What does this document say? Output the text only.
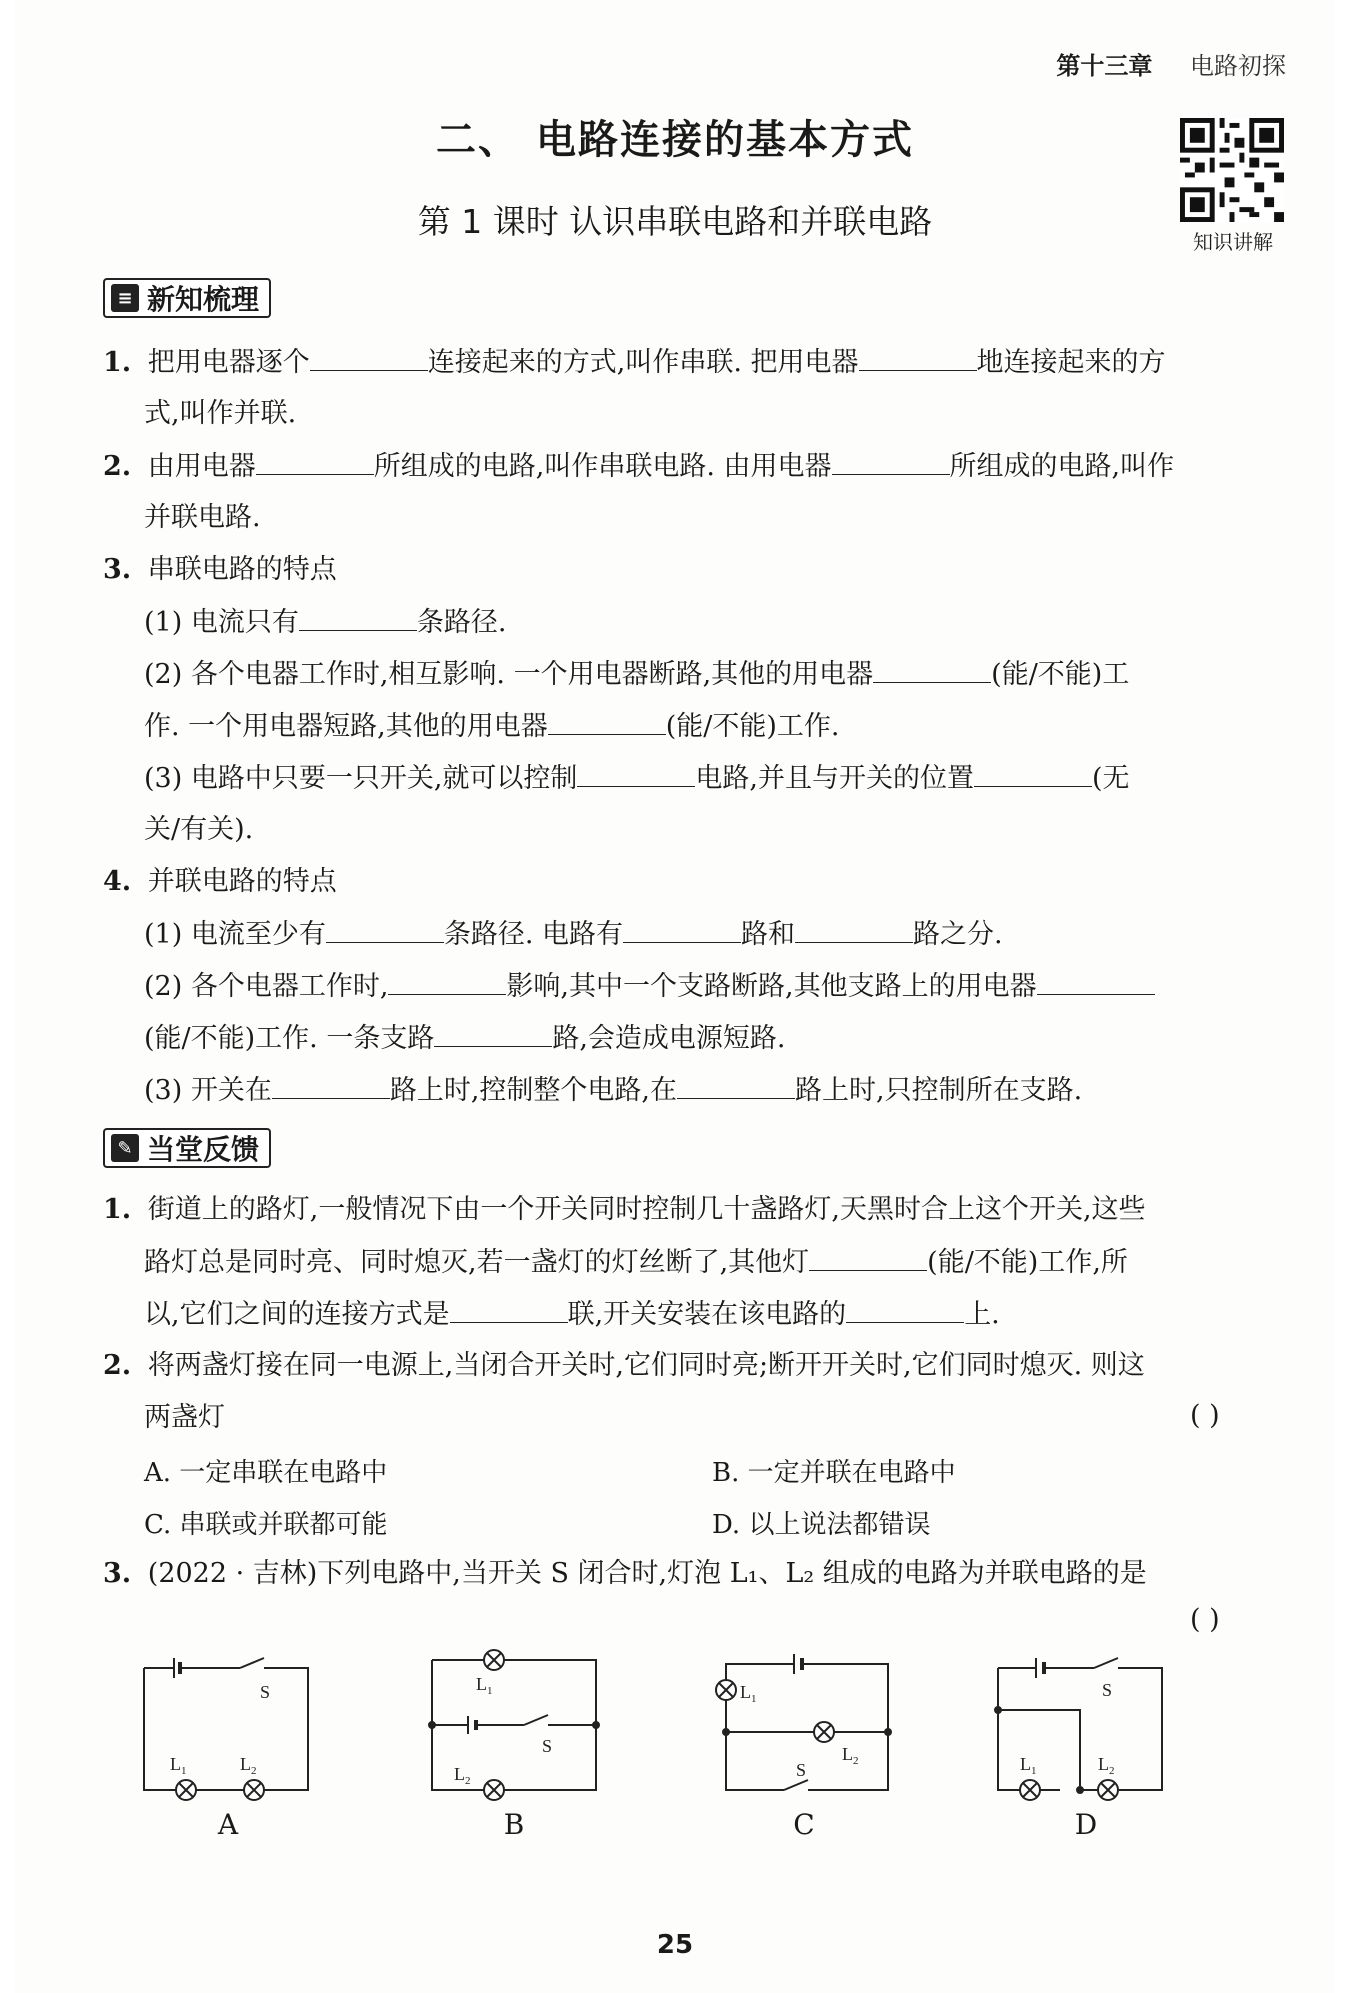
第十三章 电路初探
二、 电路连接的基本方式
第 1 课时 认识串联电路和并联电路
知识讲解
≡ 新知梳理
1. 把用电器逐个	连接起来的方式,叫作串联. 把用电器	地连接起来的方
式,叫作并联.
2. 由用电器	所组成的电路,叫作串联电路. 由用电器	所组成的电路,叫作
并联电路.
3. 串联电路的特点
(1) 电流只有	条路径.
(2) 各个电器工作时,相互影响. 一个用电器断路,其他的用电器	(能/不能)工
作. 一个用电器短路,其他的用电器	(能/不能)工作.
(3) 电路中只要一只开关,就可以控制	电路,并且与开关的位置	(无
关/有关).
4. 并联电路的特点
(1) 电流至少有	条路径. 电路有	路和	路之分.
(2) 各个电器工作时,	影响,其中一个支路断路,其他支路上的用电器
(能/不能)工作. 一条支路	路,会造成电源短路.
(3) 开关在	路上时,控制整个电路,在	路上时,只控制所在支路.
✎ 当堂反馈
1. 街道上的路灯,一般情况下由一个开关同时控制几十盏路灯,天黑时合上这个开关,这些
路灯总是同时亮、同时熄灭,若一盏灯的灯丝断了,其他灯	(能/不能)工作,所
以,它们之间的连接方式是	联,开关安装在该电路的	上.
2. 将两盏灯接在同一电源上,当闭合开关时,它们同时亮;断开开关时,它们同时熄灭. 则这
两盏灯	( )
A. 一定串联在电路中	B. 一定并联在电路中
C. 串联或并联都可能	D. 以上说法都错误
3. (2022 · 吉林)下列电路中,当开关 S 闭合时,灯泡 L₁、L₂ 组成的电路为并联电路的是
( )
S
L 1	L 2
A
L 1
S
L 2
B
L 1
L 2
S
C
S
L 1	L 2
D
25
